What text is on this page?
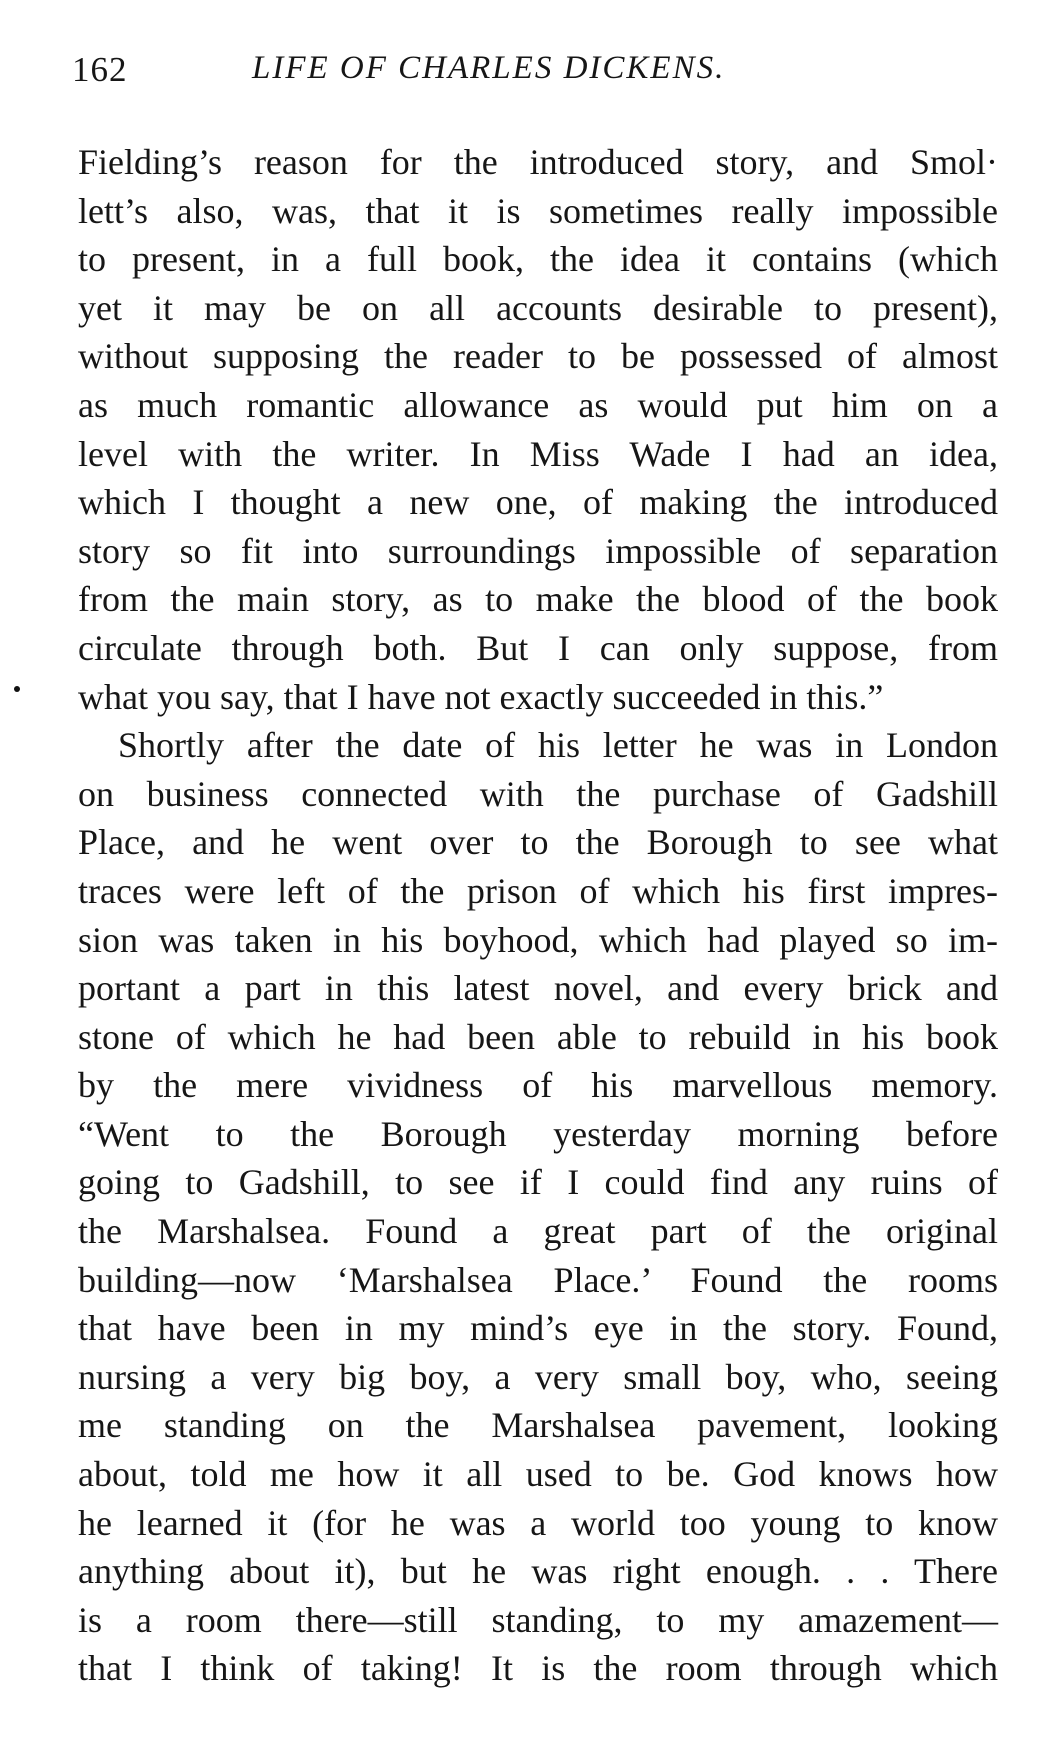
162	LIFE OF CHARLES DICKENS.
Fielding’s reason for the introduced story, and Smol·
lett’s also, was, that it is sometimes really impossible
to present, in a full book, the idea it contains (which
yet it may be on all accounts desirable to present),
without supposing the reader to be possessed of almost
as much romantic allowance as would put him on a
level with the writer. In Miss Wade I had an idea,
which I thought a new one, of making the introduced
story so fit into surroundings impossible of separation
from the main story, as to make the blood of the book
circulate through both. But I can only suppose, from
what you say, that I have not exactly succeeded in this.”
Shortly after the date of his letter he was in London
on business connected with the purchase of Gadshill
Place, and he went over to the Borough to see what
traces were left of the prison of which his first impres-
sion was taken in his boyhood, which had played so im-
portant a part in this latest novel, and every brick and
stone of which he had been able to rebuild in his book
by the mere vividness of his marvellous memory.
“Went to the Borough yesterday morning before
going to Gadshill, to see if I could find any ruins of
the Marshalsea. Found a great part of the original
building—now ‘Marshalsea Place.’ Found the rooms
that have been in my mind’s eye in the story. Found,
nursing a very big boy, a very small boy, who, seeing
me standing on the Marshalsea pavement, looking
about, told me how it all used to be. God knows how
he learned it (for he was a world too young to know
anything about it), but he was right enough. . . There
is a room there—still standing, to my amazement—
that I think of taking! It is the room through which
